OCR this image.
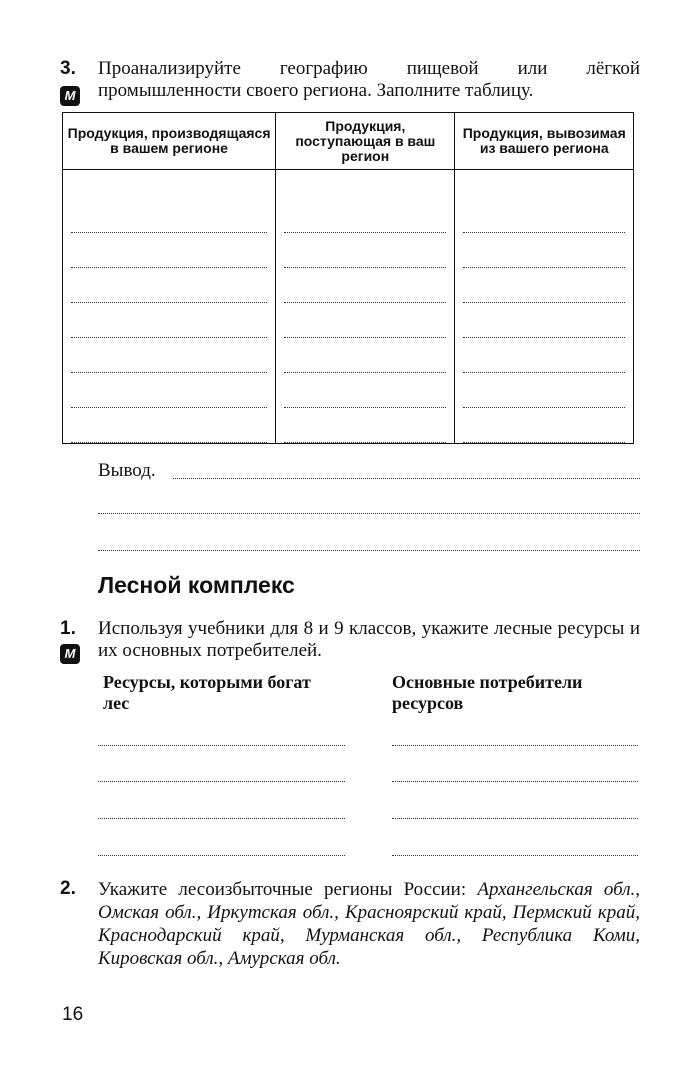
3. Проанализируйте географию пищевой или лёгкой промышленности своего региона. Заполните таблицу.
М
Продукция, производящаяся в вашем регионе	Продукция, поступающая в ваш регион	Продукция, вывозимая из вашего региона

Вывод.
Лесной комплекс
1. Используя учебники для 8 и 9 классов, укажите лесные ресурсы и их основных потребителей.
М
Ресурсы, которыми богат лес
Основные потребители ресурсов
2. Укажите лесоизбыточные регионы России: Архангельская обл., Омская обл., Иркутская обл., Красноярский край, Пермский край, Краснодарский край, Мурманская обл., Республика Коми, Кировская обл., Амурская обл.
16
